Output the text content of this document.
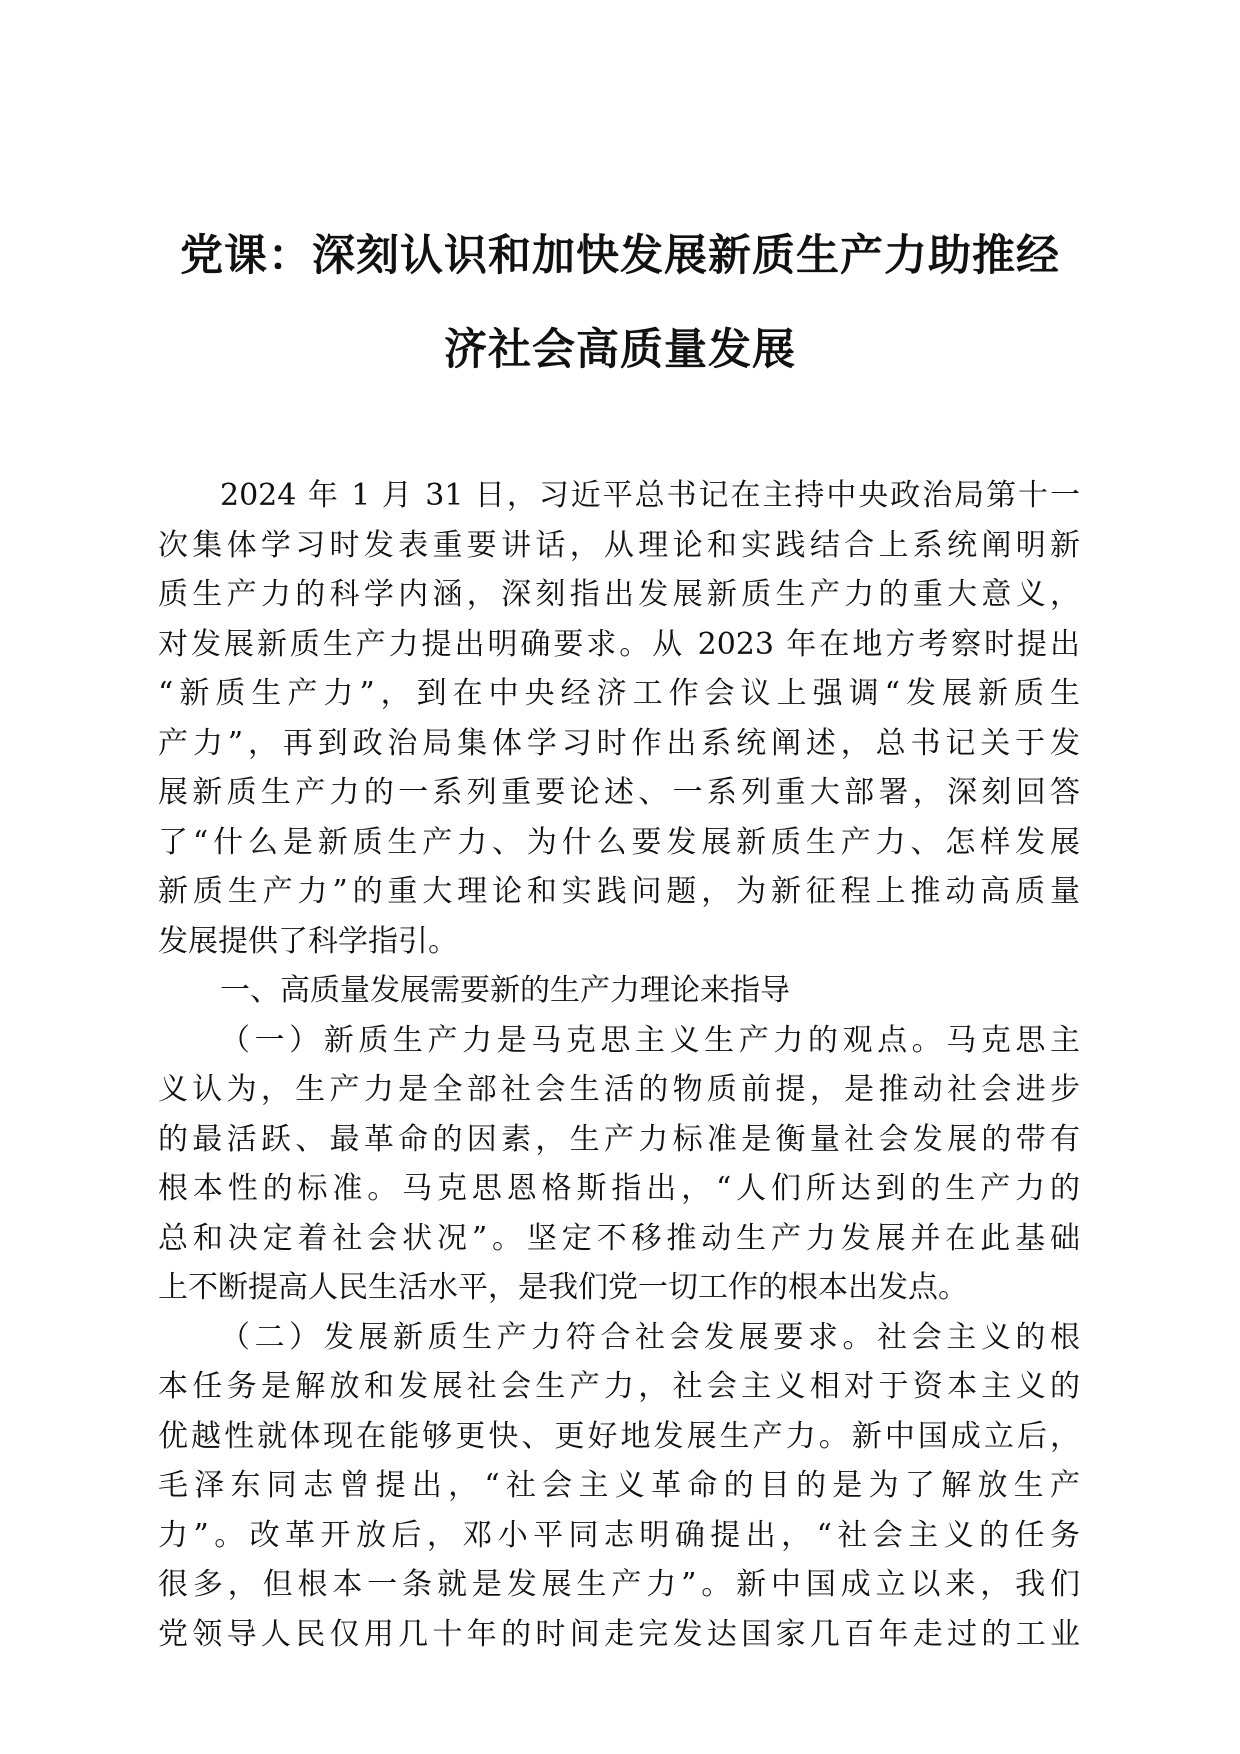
党课：深刻认识和加快发展新质生产力助推经
济社会高质量发展
2024 年 1 月 31 日，习近平总书记在主持中央政治局第十一
次集体学习时发表重要讲话，从理论和实践结合上系统阐明新
质生产力的科学内涵，深刻指出发展新质生产力的重大意义，
对发展新质生产力提出明确要求。从 2023 年在地方考察时提出
“新质生产力”，到在中央经济工作会议上强调“发展新质生
产力”，再到政治局集体学习时作出系统阐述，总书记关于发
展新质生产力的一系列重要论述、一系列重大部署，深刻回答
了“什么是新质生产力、为什么要发展新质生产力、怎样发展
新质生产力”的重大理论和实践问题，为新征程上推动高质量
发展提供了科学指引。
一、高质量发展需要新的生产力理论来指导
（一）新质生产力是马克思主义生产力的观点。马克思主
义认为，生产力是全部社会生活的物质前提，是推动社会进步
的最活跃、最革命的因素，生产力标准是衡量社会发展的带有
根本性的标准。马克思恩格斯指出，“人们所达到的生产力的
总和决定着社会状况”。坚定不移推动生产力发展并在此基础
上不断提高人民生活水平，是我们党一切工作的根本出发点。
（二）发展新质生产力符合社会发展要求。社会主义的根
本任务是解放和发展社会生产力，社会主义相对于资本主义的
优越性就体现在能够更快、更好地发展生产力。新中国成立后，
毛泽东同志曾提出，“社会主义革命的目的是为了解放生产
力”。改革开放后，邓小平同志明确提出，“社会主义的任务
很多，但根本一条就是发展生产力”。新中国成立以来，我们
党领导人民仅用几十年的时间走完发达国家几百年走过的工业
